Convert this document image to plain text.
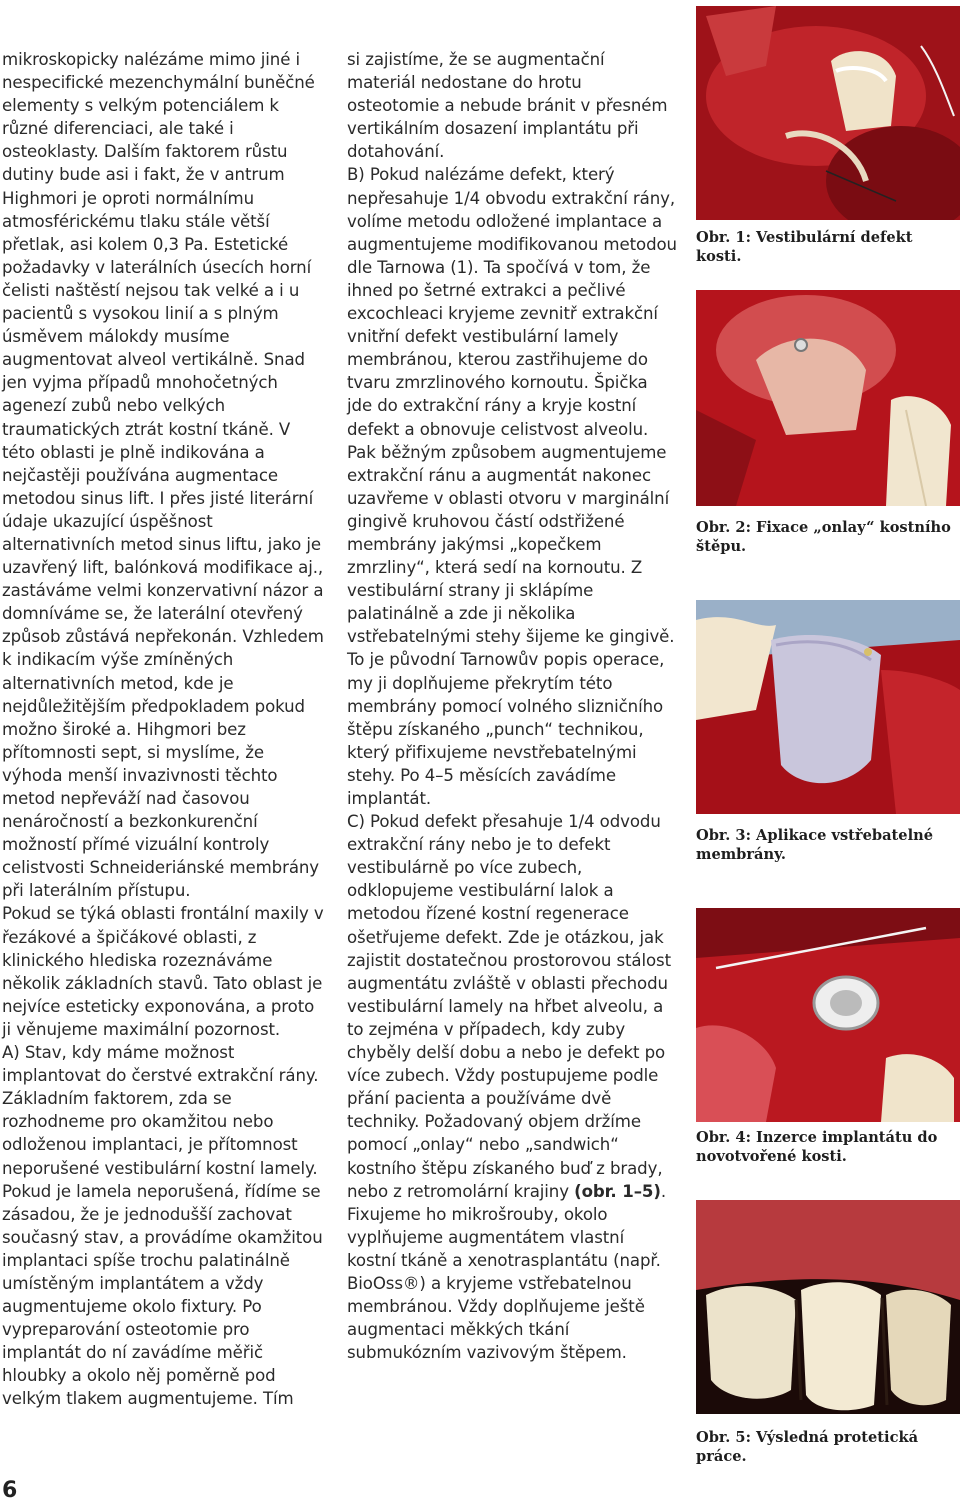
mikroskopicky nalézáme mimo jiné i nespecifické mezenchymální buněčné elementy s velkým potenciálem k různé diferenciaci, ale také i osteoklasty. Dalším faktorem růstu dutiny bude asi i fakt, že v antrum Highmori je oproti normálnímu atmosférickému tlaku stále větší přetlak, asi kolem 0,3 Pa. Estetické požadavky v laterálních úsecích horní čelisti naštěstí nejsou tak velké a i u pacientů s vysokou linií a s plným úsměvem málokdy musíme augmentovat alveol vertikálně. Snad jen vyjma případů mnohočetných agenezí zubů nebo velkých traumatických ztrát kostní tkáně. V této oblasti je plně indikována a nejčastěji používána augmentace metodou sinus lift. I přes jisté literární údaje ukazující úspěšnost alternativních metod sinus liftu, jako je uzavřený lift, balónková modifikace aj., zastáváme velmi konzervativní názor a domníváme se, že laterální otevřený způsob zůstává nepřekonán. Vzhledem k indikacím výše zmíněných alternativních metod, kde je nejdůležitějším předpokladem pokud možno široké a. Hihgmori bez přítomnosti sept, si myslíme, že výhoda menší invazivnosti těchto metod nepřeváží nad časovou nenáročností a bezkonkurenční možností přímé vizuální kontroly celistvosti Schneideriánské membrány při laterálním přístupu.

Pokud se týká oblasti frontální maxily v řezákové a špičákové oblasti, z klinického hlediska rozeznáváme několik základních stavů. Tato oblast je nejvíce esteticky exponována, a proto ji věnujeme maximální pozornost.

A) Stav, kdy máme možnost implantovat do čerstvé extrakční rány. Základním faktorem, zda se rozhodneme pro okamžitou nebo odloženou implantaci, je přítomnost neporušené vestibulární kostní lamely. Pokud je lamela neporušená, řídíme se zásadou, že je jednodušší zachovat současný stav, a provádíme okamžitou implantaci spíše trochu palatinálně umístěným implantátem a vždy augmentujeme okolo fixtury. Po vypreparování osteotomie pro implantát do ní zavádíme měřič hloubky a okolo něj poměrně pod velkým tlakem augmentujeme. Tím

si zajistíme, že se augmentační materiál nedostane do hrotu osteotomie a nebude bránit v přesném vertikálním dosazení implantátu při dotahování.

B) Pokud nalézáme defekt, který nepřesahuje 1/4 obvodu extrakční rány, volíme metodu odložené implantace a augmentujeme modifikovanou metodou dle Tarnowa (1). Ta spočívá v tom, že ihned po šetrné extrakci a pečlivé excochleaci kryjeme zevnitř extrakční vnitřní defekt vestibulární lamely membránou, kterou zastřihujeme do tvaru zmrzlinového kornoutu. Špička jde do extrakční rány a kryje kostní defekt a obnovuje celistvost alveolu. Pak běžným způsobem augmentujeme extrakční ránu a augmentát nakonec uzavřeme v oblasti otvoru v marginální gingivě kruhovou částí odstřižené membrány jakýmsi „kopečkem zmrzliny“, která sedí na kornoutu. Z vestibulární strany ji sklápíme palatinálně a zde ji několika vstřebatelnými stehy šijeme ke gingivě. To je původní Tarnowův popis operace, my ji doplňujeme překrytím této membrány pomocí volného slizničního štěpu získaného „punch“ technikou, který přifixujeme nevstřebatelnými stehy. Po 4–5 měsících zavádíme implantát.

C) Pokud defekt přesahuje 1/4 odvodu extrakční rány nebo je to defekt vestibulárně po více zubech, odklopujeme vestibulární lalok a metodou řízené kostní regenerace ošetřujeme defekt. Zde je otázkou, jak zajistit dostatečnou prostorovou stálost augmentátu zvláště v oblasti přechodu vestibulární lamely na hřbet alveolu, a to zejména v případech, kdy zuby chyběly delší dobu a nebo je defekt po více zubech. Vždy postupujeme podle přání pacienta a používáme dvě techniky. Požadovaný objem držíme pomocí „onlay“ nebo „sandwich“ kostního štěpu získaného buď z brady, nebo z retromolární krajiny (obr. 1–5). Fixujeme ho mikrošrouby, okolo vyplňujeme augmentátem vlastní kostní tkáně a xenotrasplantátu (např. BioOss®) a kryjeme vstřebatelnou membránou. Vždy doplňujeme ještě augmentaci měkkých tkání submukózním vazivovým štěpem.

Obr. 1: Vestibulární defekt kosti.
Obr. 2: Fixace „onlay“ kostního štěpu.
Obr. 3: Aplikace vstřebatelné membrány.
Obr. 4: Inzerce implantátu do novotvořené kosti.
Obr. 5: Výsledná protetická práce.
6
